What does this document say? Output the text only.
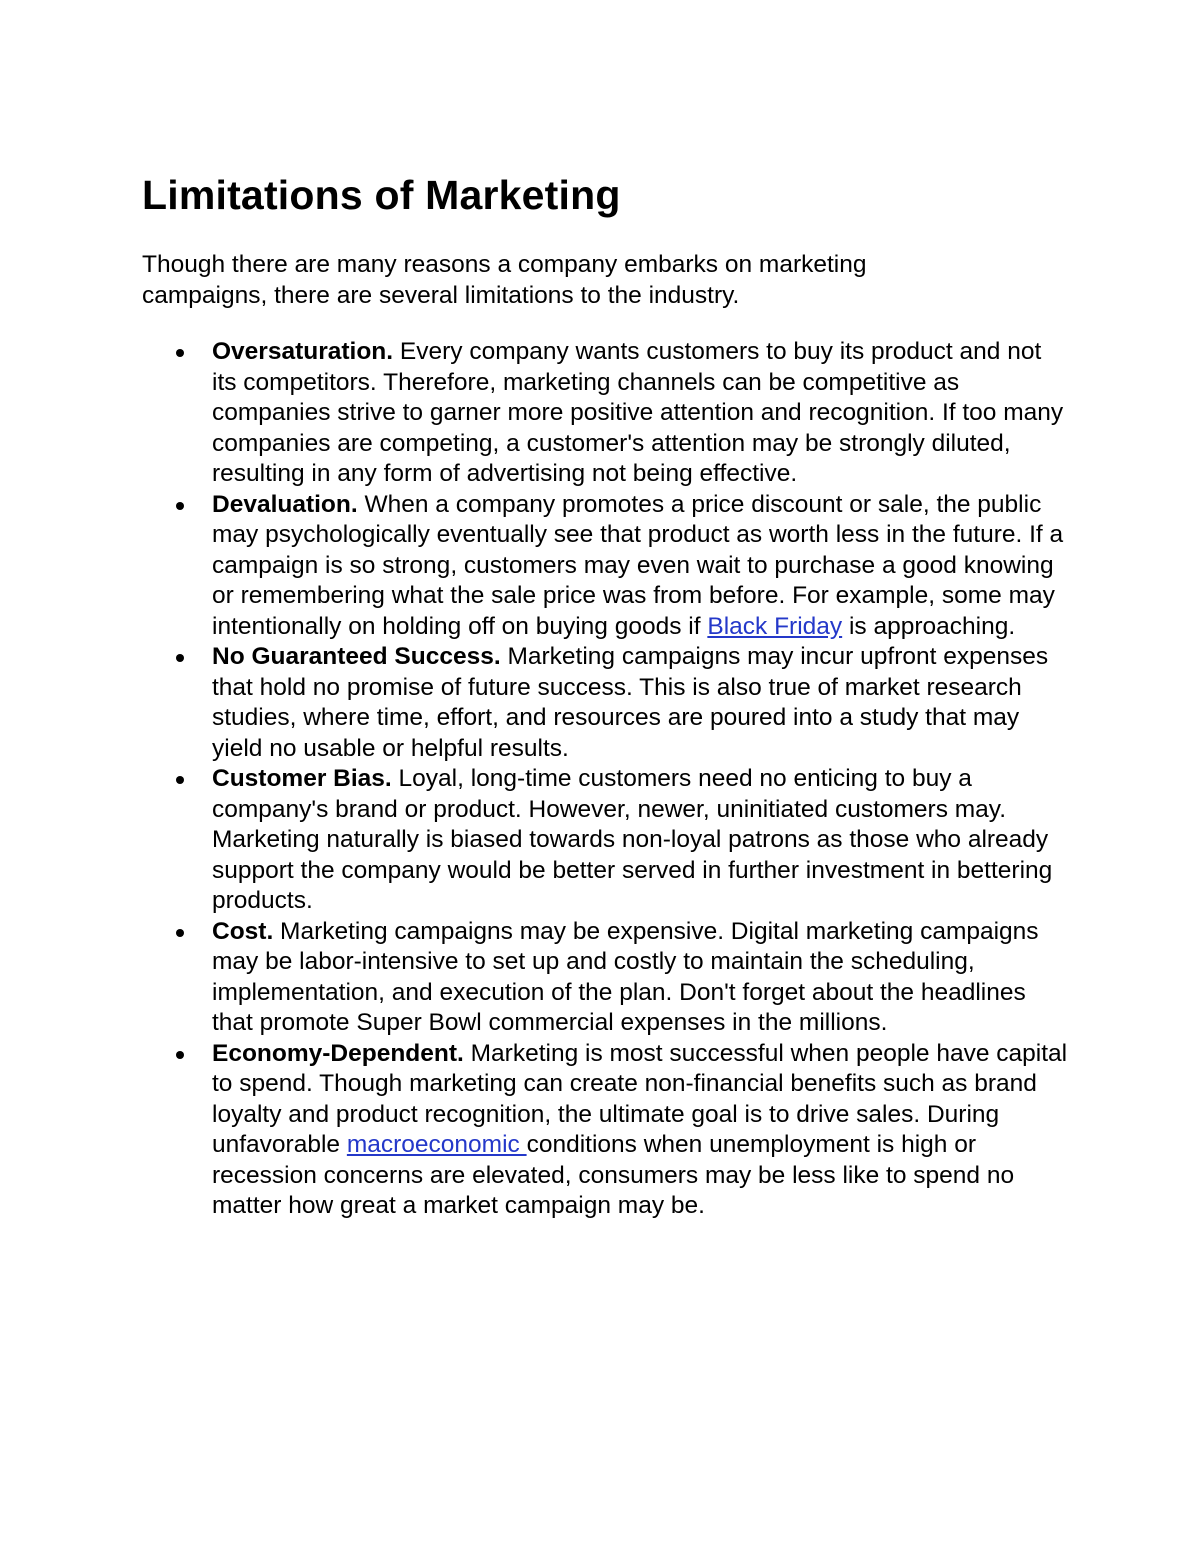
Limitations of Marketing

Though there are many reasons a company embarks on marketing campaigns, there are several limitations to the industry.

Oversaturation. Every company wants customers to buy its product and not its competitors. Therefore, marketing channels can be competitive as companies strive to garner more positive attention and recognition. If too many companies are competing, a customer's attention may be strongly diluted, resulting in any form of advertising not being effective.
Devaluation. When a company promotes a price discount or sale, the public may psychologically eventually see that product as worth less in the future. If a campaign is so strong, customers may even wait to purchase a good knowing or remembering what the sale price was from before. For example, some may intentionally on holding off on buying goods if Black Friday is approaching.
No Guaranteed Success. Marketing campaigns may incur upfront expenses that hold no promise of future success. This is also true of market research studies, where time, effort, and resources are poured into a study that may yield no usable or helpful results.
Customer Bias. Loyal, long-time customers need no enticing to buy a company's brand or product. However, newer, uninitiated customers may. Marketing naturally is biased towards non-loyal patrons as those who already support the company would be better served in further investment in bettering products.
Cost. Marketing campaigns may be expensive. Digital marketing campaigns may be labor-intensive to set up and costly to maintain the scheduling, implementation, and execution of the plan. Don't forget about the headlines that promote Super Bowl commercial expenses in the millions.
Economy-Dependent. Marketing is most successful when people have capital to spend. Though marketing can create non-financial benefits such as brand loyalty and product recognition, the ultimate goal is to drive sales. During unfavorable macroeconomic conditions when unemployment is high or recession concerns are elevated, consumers may be less like to spend no matter how great a market campaign may be.
